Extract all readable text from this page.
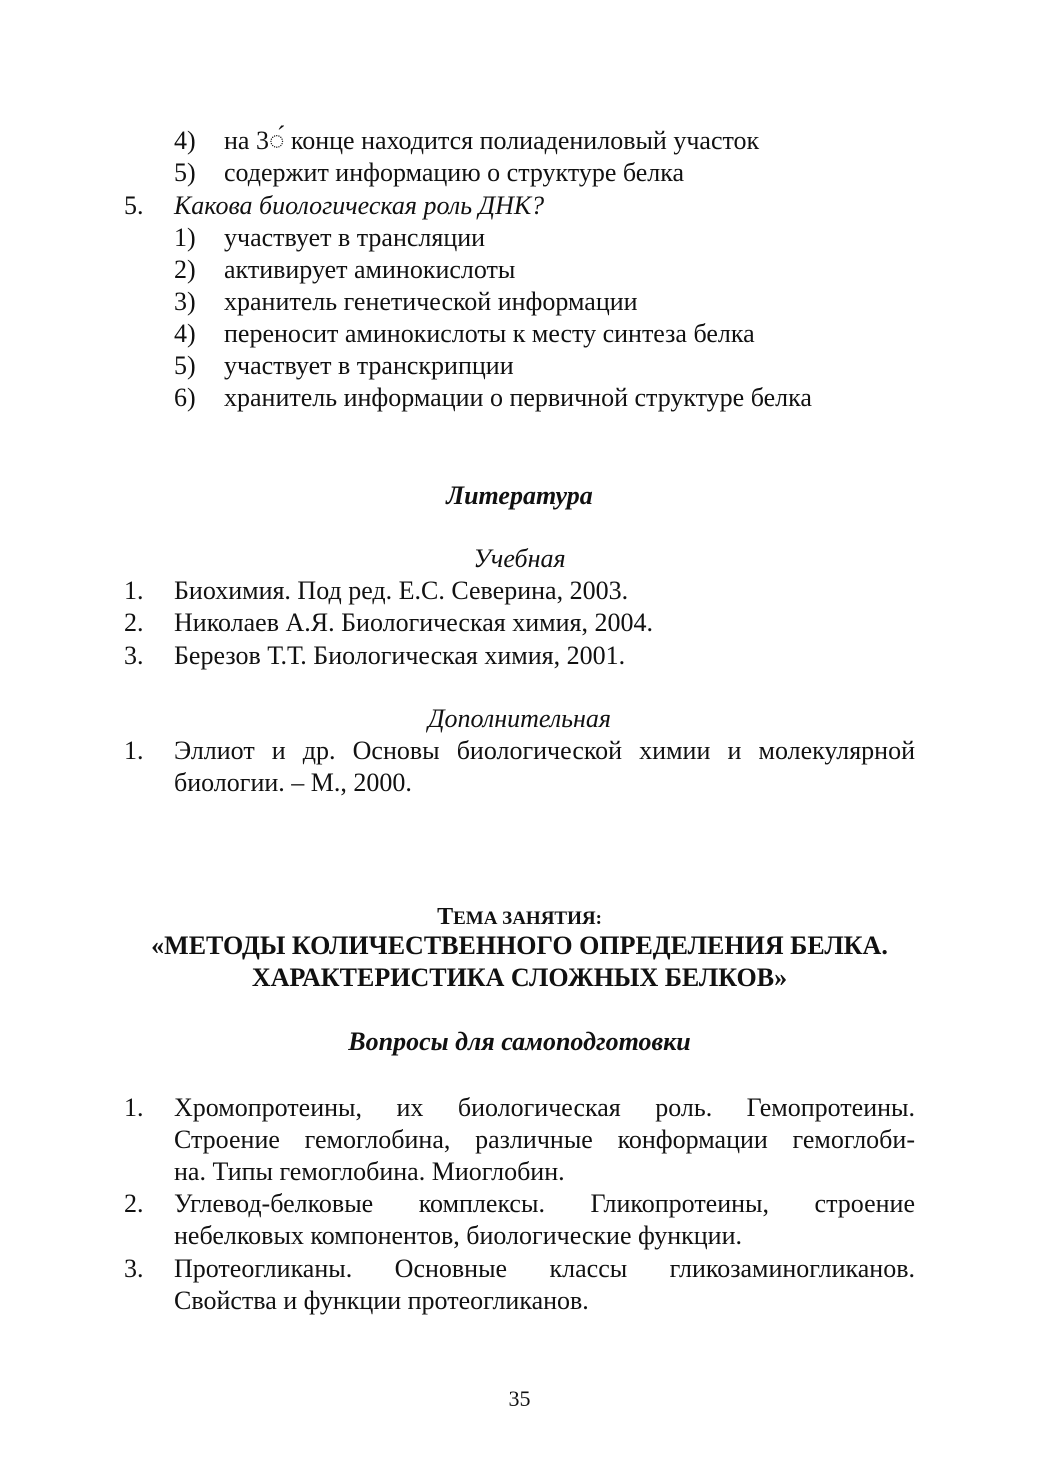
4) на 3◌́ конце находится полиадениловый участок
5) содержит информацию о структуре белка
5. Какова биологическая роль ДНК?
1) участвует в трансляции
2) активирует аминокислоты
3) хранитель генетической информации
4) переносит аминокислоты к месту синтеза белка
5) участвует в транскрипции
6) хранитель информации о первичной структуре белка
Литература
Учебная
1. Биохимия. Под ред. Е.С. Северина, 2003.
2. Николаев А.Я. Биологическая химия, 2004.
3. Березов Т.Т. Биологическая химия, 2001.
Дополнительная
1. Эллиот и др. Основы биологической химии и молекулярной
биологии. – М., 2000.
ТЕМА ЗАНЯТИЯ:
«МЕТОДЫ КОЛИЧЕСТВЕННОГО ОПРЕДЕЛЕНИЯ БЕЛКА.
ХАРАКТЕРИСТИКА СЛОЖНЫХ БЕЛКОВ»
Вопросы для самоподготовки
1. Хромопротеины, их биологическая роль. Гемопротеины.
Строение гемоглобина, различные конформации гемоглоби-
на. Типы гемоглобина. Миоглобин.
2. Углевод-белковые комплексы. Гликопротеины, строение
небелковых компонентов, биологические функции.
3. Протеогликаны. Основные классы гликозаминогликанов.
Свойства и функции протеогликанов.
35
